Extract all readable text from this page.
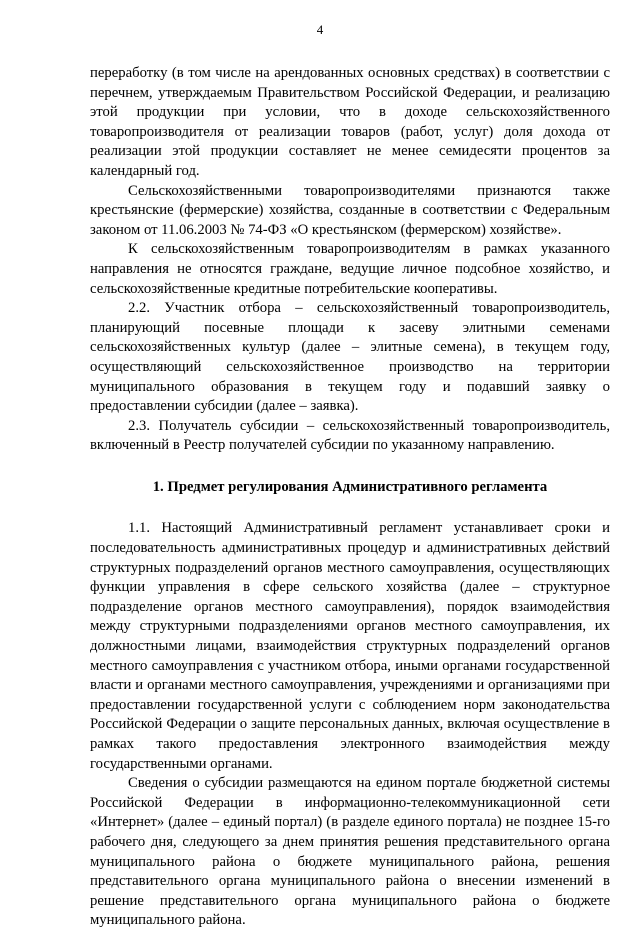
4

переработку (в том числе на арендованных основных средствах) в соответствии с перечнем, утверждаемым Правительством Российской Федерации, и реализацию этой продукции при условии, что в доходе сельскохозяйственного товаропроизводителя от реализации товаров (работ, услуг) доля дохода от реализации этой продукции составляет не менее семидесяти процентов за календарный год.

Сельскохозяйственными товаропроизводителями признаются также крестьянские (фермерские) хозяйства, созданные в соответствии с Федеральным законом от 11.06.2003 № 74-ФЗ «О крестьянском (фермерском) хозяйстве».

К сельскохозяйственным товаропроизводителям в рамках указанного направления не относятся граждане, ведущие личное подсобное хозяйство, и сельскохозяйственные кредитные потребительские кооперативы.

2.2. Участник отбора – сельскохозяйственный товаропроизводитель, планирующий посевные площади к засеву элитными семенами сельскохозяйственных культур (далее – элитные семена), в текущем году, осуществляющий сельскохозяйственное производство на территории муниципального образования в текущем году и подавший заявку о предоставлении субсидии (далее – заявка).

2.3. Получатель субсидии – сельскохозяйственный товаропроизводитель, включенный в Реестр получателей субсидии по указанному направлению.

1. Предмет регулирования Административного регламента

1.1. Настоящий Административный регламент устанавливает сроки и последовательность административных процедур и административных действий структурных подразделений органов местного самоуправления, осуществляющих функции управления в сфере сельского хозяйства (далее – структурное подразделение органов местного самоуправления), порядок взаимодействия между структурными подразделениями органов местного самоуправления, их должностными лицами, взаимодействия структурных подразделений органов местного самоуправления с участником отбора, иными органами государственной власти и органами местного самоуправления, учреждениями и организациями при предоставлении государственной услуги с соблюдением норм законодательства Российской Федерации о защите персональных данных, включая осуществление в рамках такого предоставления электронного взаимодействия между государственными органами.

Сведения о субсидии размещаются на едином портале бюджетной системы Российской Федерации в информационно-телекоммуникационной сети «Интернет» (далее – единый портал) (в разделе единого портала) не позднее 15-го рабочего дня, следующего за днем принятия решения представительного органа муниципального района о бюджете муниципального района, решения представительного органа муниципального района о внесении изменений в решение представительного органа муниципального района о бюджете муниципального района.
